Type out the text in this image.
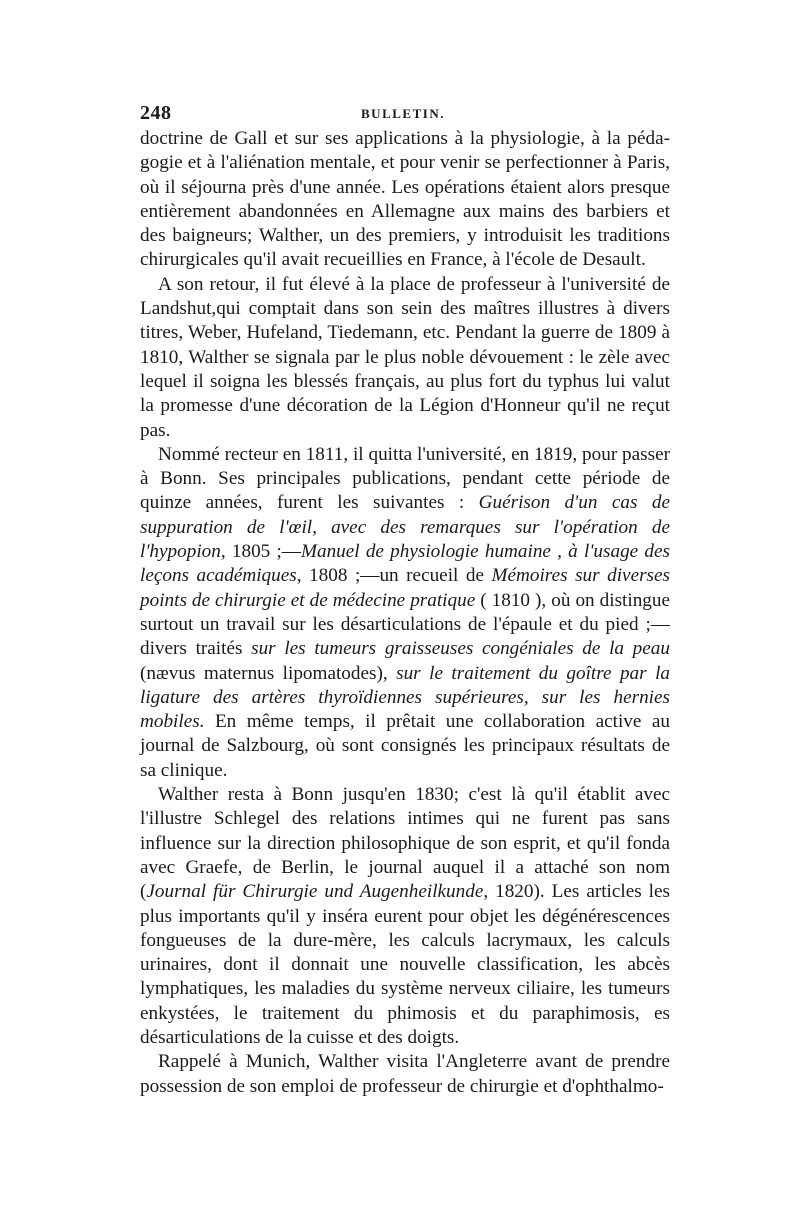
248	BULLETIN.

doctrine de Gall et sur ses applications à la physiologie, à la péda-gogie et à l'aliénation mentale, et pour venir se perfectionner à Paris, où il séjourna près d'une année. Les opérations étaient alors presque entièrement abandonnées en Allemagne aux mains des barbiers et des baigneurs; Walther, un des premiers, y introduisit les traditions chirurgicales qu'il avait recueillies en France, à l'école de Desault.

A son retour, il fut élevé à la place de professeur à l'université de Landshut,qui comptait dans son sein des maîtres illustres à divers titres, Weber, Hufeland, Tiedemann, etc. Pendant la guerre de 1809 à 1810, Walther se signala par le plus noble dévouement : le zèle avec lequel il soigna les blessés français, au plus fort du typhus lui valut la promesse d'une décoration de la Légion d'Honneur qu'il ne reçut pas.

Nommé recteur en 1811, il quitta l'université, en 1819, pour passer à Bonn. Ses principales publications, pendant cette période de quinze années, furent les suivantes : Guérison d'un cas de suppuration de l'œil, avec des remarques sur l'opération de l'hypopion, 1805 ;—Manuel de physiologie humaine , à l'usage des leçons académiques, 1808 ;—un recueil de Mémoires sur diverses points de chirurgie et de médecine pratique ( 1810 ), où on distingue surtout un travail sur les désarticulations de l'épaule et du pied ;—divers traités sur les tumeurs graisseuses congéniales de la peau (nævus maternus lipomatodes), sur le traitement du goître par la ligature des artères thyroïdiennes supérieures, sur les hernies mobiles. En même temps, il prêtait une collaboration active au journal de Salzbourg, où sont consignés les principaux résultats de sa clinique.

Walther resta à Bonn jusqu'en 1830; c'est là qu'il établit avec l'illustre Schlegel des relations intimes qui ne furent pas sans influence sur la direction philosophique de son esprit, et qu'il fonda avec Graefe, de Berlin, le journal auquel il a attaché son nom (Journal für Chirurgie und Augenheilkunde, 1820). Les articles les plus importants qu'il y inséra eurent pour objet les dégénérescences fongueuses de la dure-mère, les calculs lacrymaux, les calculs urinaires, dont il donnait une nouvelle classification, les abcès lymphatiques, les maladies du système nerveux ciliaire, les tumeurs enkystées, le traitement du phimosis et du paraphimosis, es désarticulations de la cuisse et des doigts.

Rappelé à Munich, Walther visita l'Angleterre avant de prendre possession de son emploi de professeur de chirurgie et d'ophthalmo-
